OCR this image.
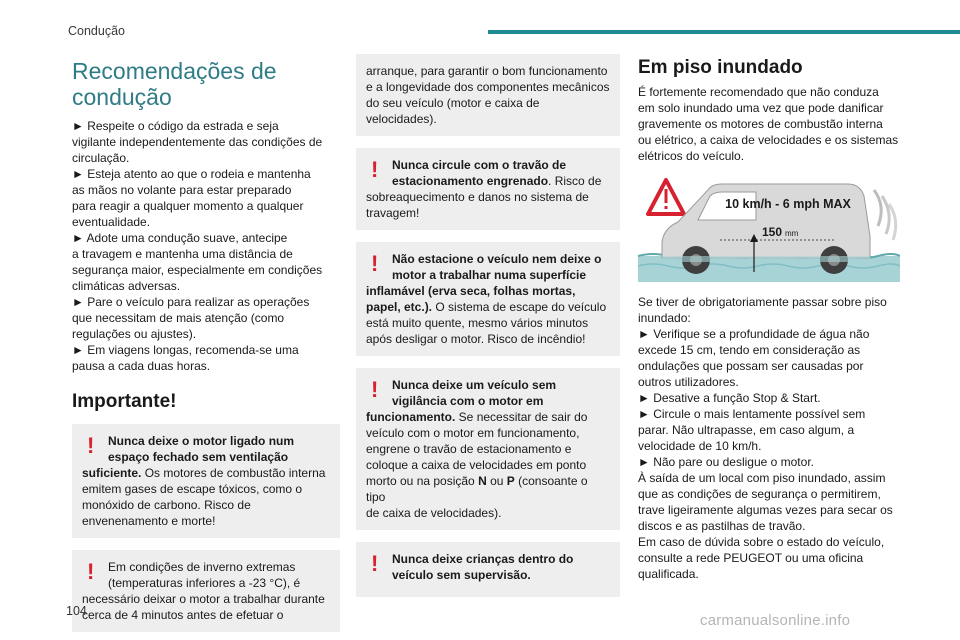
Condução
Recomendações de
condução
► Respeite o código da estrada e seja
vigilante independentemente das condições de
circulação.
► Esteja atento ao que o rodeia e mantenha
as mãos no volante para estar preparado
para reagir a qualquer momento a qualquer
eventualidade.
► Adote uma condução suave, antecipe
a travagem e mantenha uma distância de
segurança maior, especialmente em condições
climáticas adversas.
► Pare o veículo para realizar as operações
que necessitam de mais atenção (como
regulações ou ajustes).
► Em viagens longas, recomenda-se uma
pausa a cada duas horas.
Importante!
!	Nunca deixe o motor ligado num
espaço fechado sem ventilação
suficiente. Os motores de combustão interna
emitem gases de escape tóxicos, como o
monóxido de carbono. Risco de
envenenamento e morte!
!	Em condições de inverno extremas
(temperaturas inferiores a -23 °C), é
necessário deixar o motor a trabalhar durante
cerca de 4 minutos antes de efetuar o
arranque, para garantir o bom funcionamento
e a longevidade dos componentes mecânicos
do seu veículo (motor e caixa de
velocidades).
!	Nunca circule com o travão de
estacionamento engrenado. Risco de
sobreaquecimento e danos no sistema de
travagem!
!	Não estacione o veículo nem deixe o
motor a trabalhar numa superfície
inflamável (erva seca, folhas mortas,
papel, etc.). O sistema de escape do veículo
está muito quente, mesmo vários minutos
após desligar o motor. Risco de incêndio!
!	Nunca deixe um veículo sem
vigilância com o motor em
funcionamento. Se necessitar de sair do
veículo com o motor em funcionamento,
engrene o travão de estacionamento e
coloque a caixa de velocidades em ponto
morto ou na posição N ou P (consoante o tipo
de caixa de velocidades).
!	Nunca deixe crianças dentro do
veículo sem supervisão.
Em piso inundado
É fortemente recomendado que não conduza
em solo inundado uma vez que pode danificar
gravemente os motores de combustão interna
ou elétrico, a caixa de velocidades e os sistemas
elétricos do veículo.
10 km/h - 6 mph MAX
150 mm
Se tiver de obrigatoriamente passar sobre piso
inundado:
► Verifique se a profundidade de água não
excede 15 cm, tendo em consideração as
ondulações que possam ser causadas por
outros utilizadores.
► Desative a função Stop & Start.
► Circule o mais lentamente possível sem
parar. Não ultrapasse, em caso algum, a
velocidade de 10 km/h.
► Não pare ou desligue o motor.
À saída de um local com piso inundado, assim
que as condições de segurança o permitirem,
trave ligeiramente algumas vezes para secar os
discos e as pastilhas de travão.
Em caso de dúvida sobre o estado do veículo,
consulte a rede PEUGEOT ou uma oficina
qualificada.
104
carmanualsonline.info
